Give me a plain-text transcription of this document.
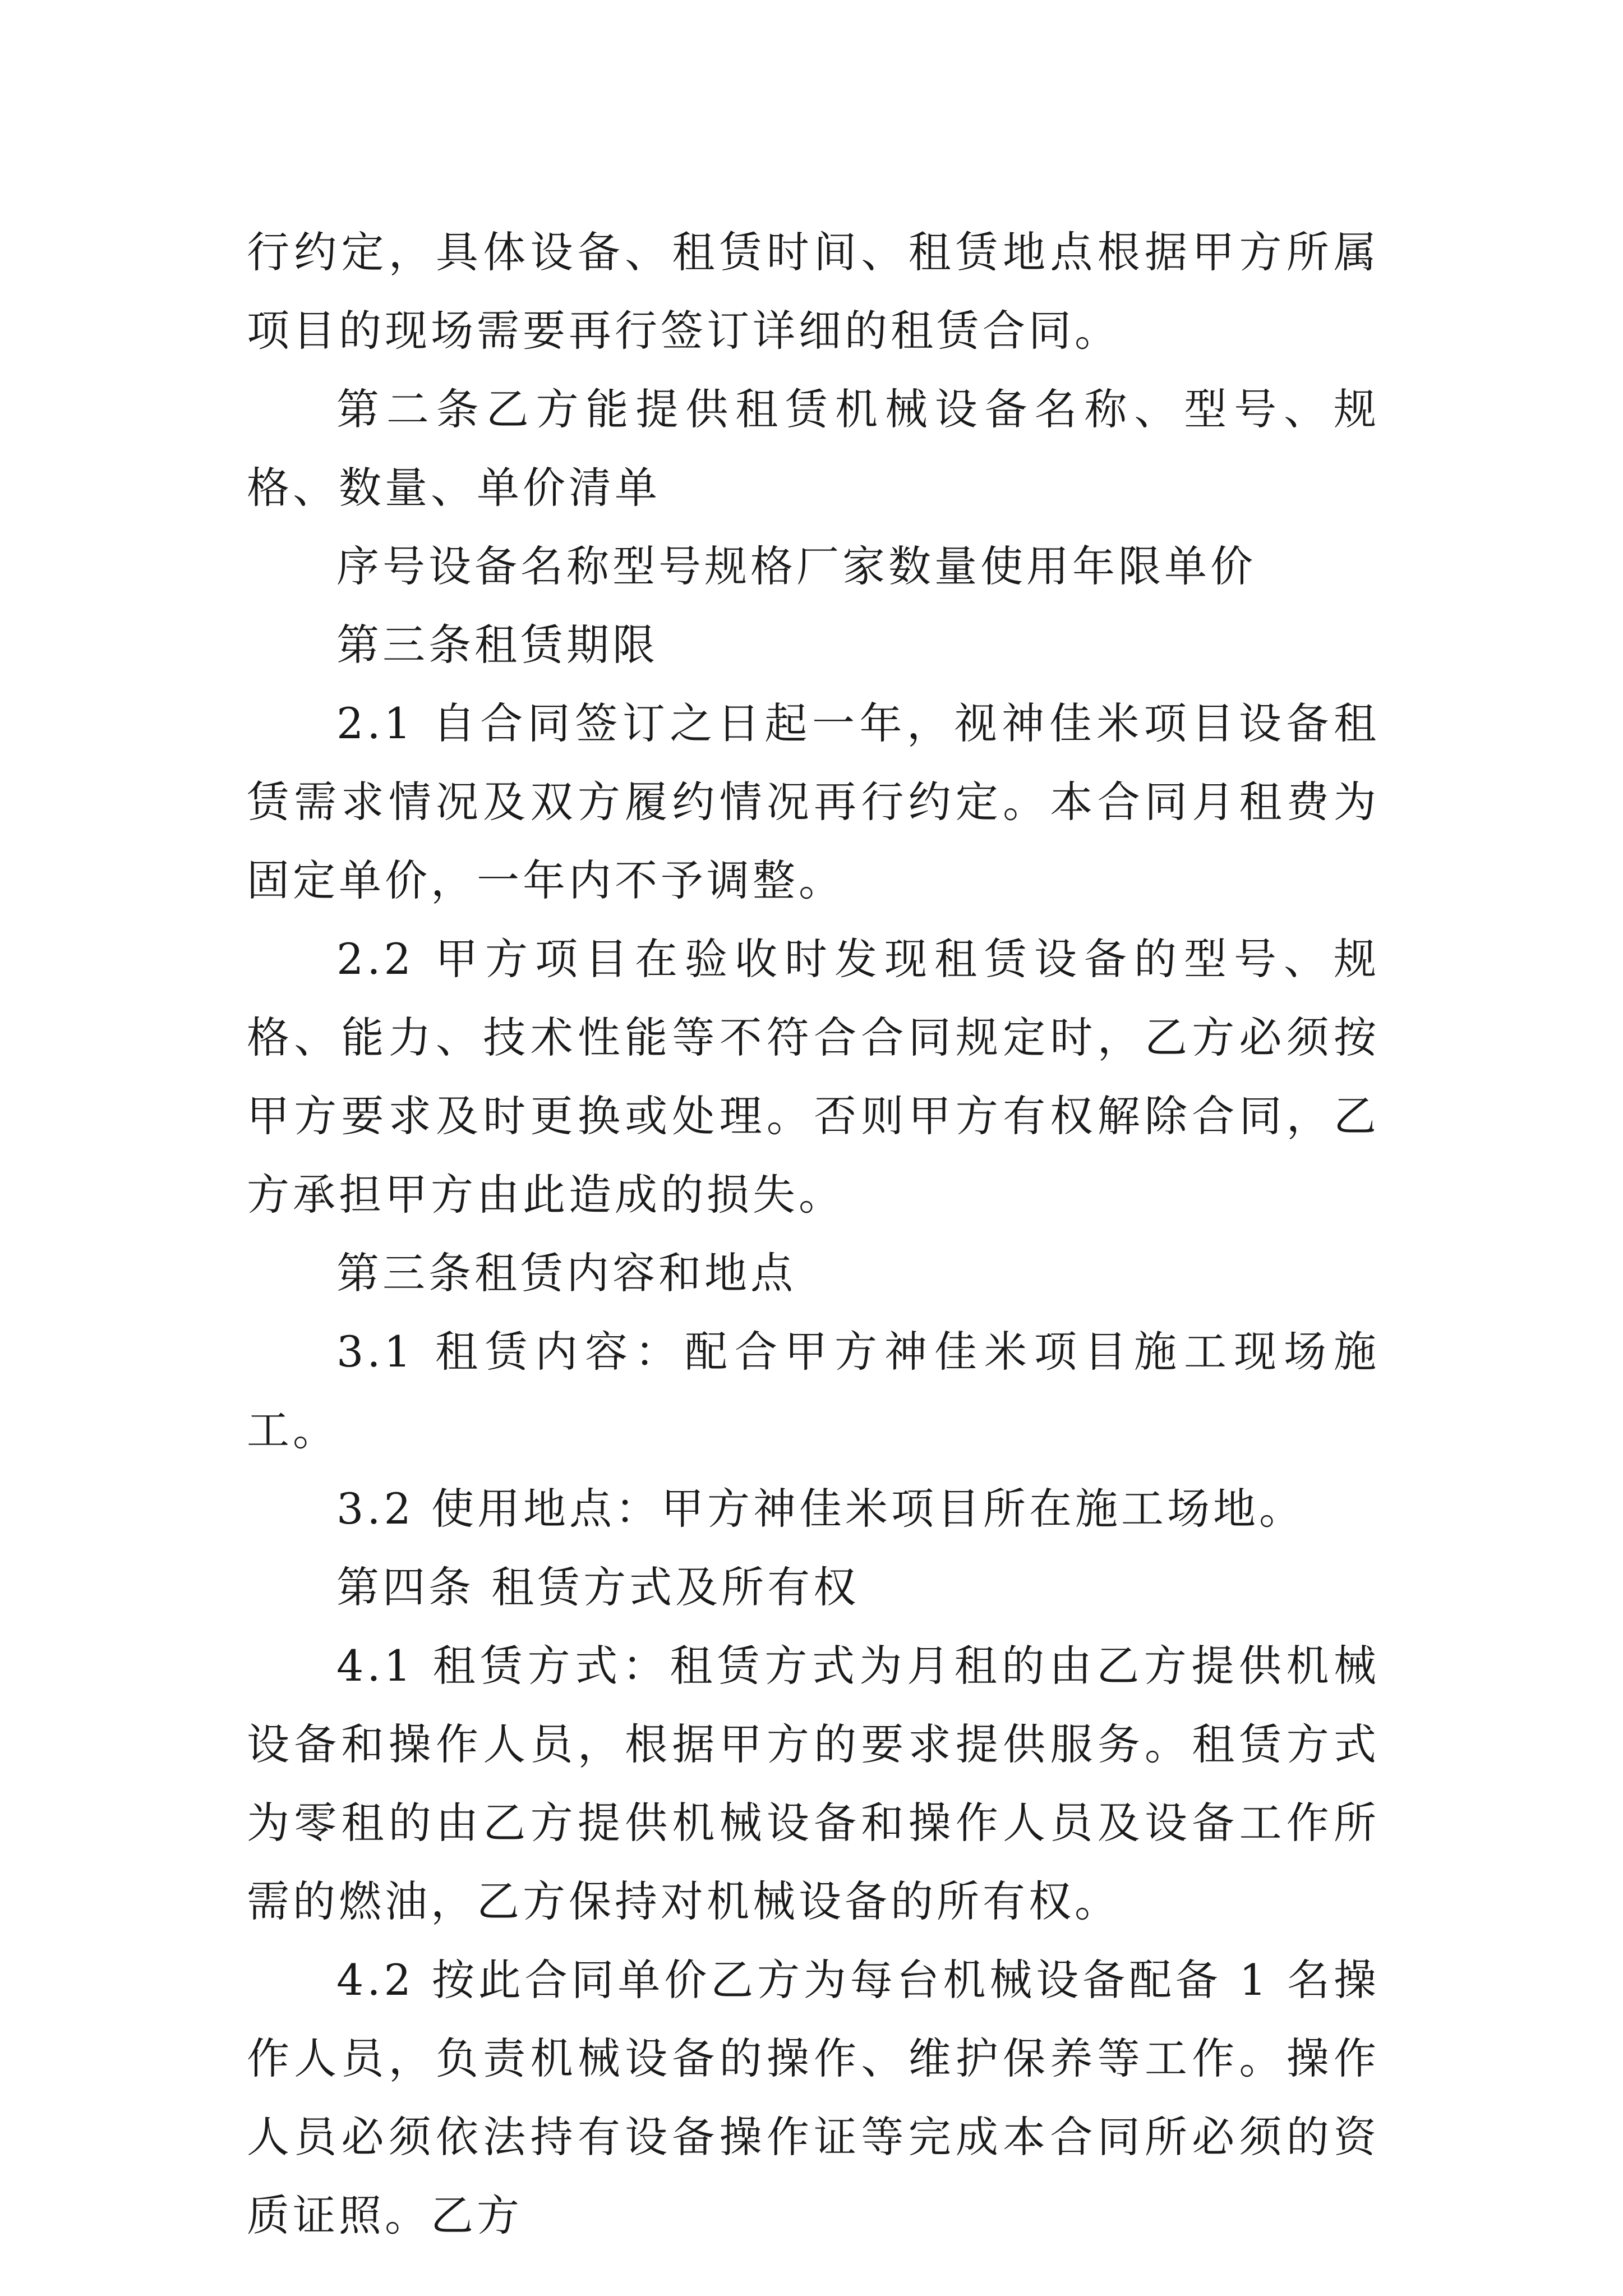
行约定，具体设备、租赁时间、租赁地点根据甲方所属项目的现场需要再行签订详细的租赁合同。

第二条乙方能提供租赁机械设备名称、型号、规格、数量、单价清单

序号设备名称型号规格厂家数量使用年限单价

第三条租赁期限

2.1 自合同签订之日起一年，视神佳米项目设备租赁需求情况及双方履约情况再行约定。本合同月租费为固定单价，一年内不予调整。

2.2 甲方项目在验收时发现租赁设备的型号、规格、能力、技术性能等不符合合同规定时，乙方必须按甲方要求及时更换或处理。否则甲方有权解除合同，乙方承担甲方由此造成的损失。

第三条租赁内容和地点

3.1 租赁内容：配合甲方神佳米项目施工现场施工。

3.2 使用地点：甲方神佳米项目所在施工场地。

第四条 租赁方式及所有权

4.1 租赁方式：租赁方式为月租的由乙方提供机械设备和操作人员，根据甲方的要求提供服务。租赁方式为零租的由乙方提供机械设备和操作人员及设备工作所需的燃油，乙方保持对机械设备的所有权。

4.2 按此合同单价乙方为每台机械设备配备 1 名操作人员，负责机械设备的操作、维护保养等工作。操作人员必须依法持有设备操作证等完成本合同所必须的资质证照。乙方
